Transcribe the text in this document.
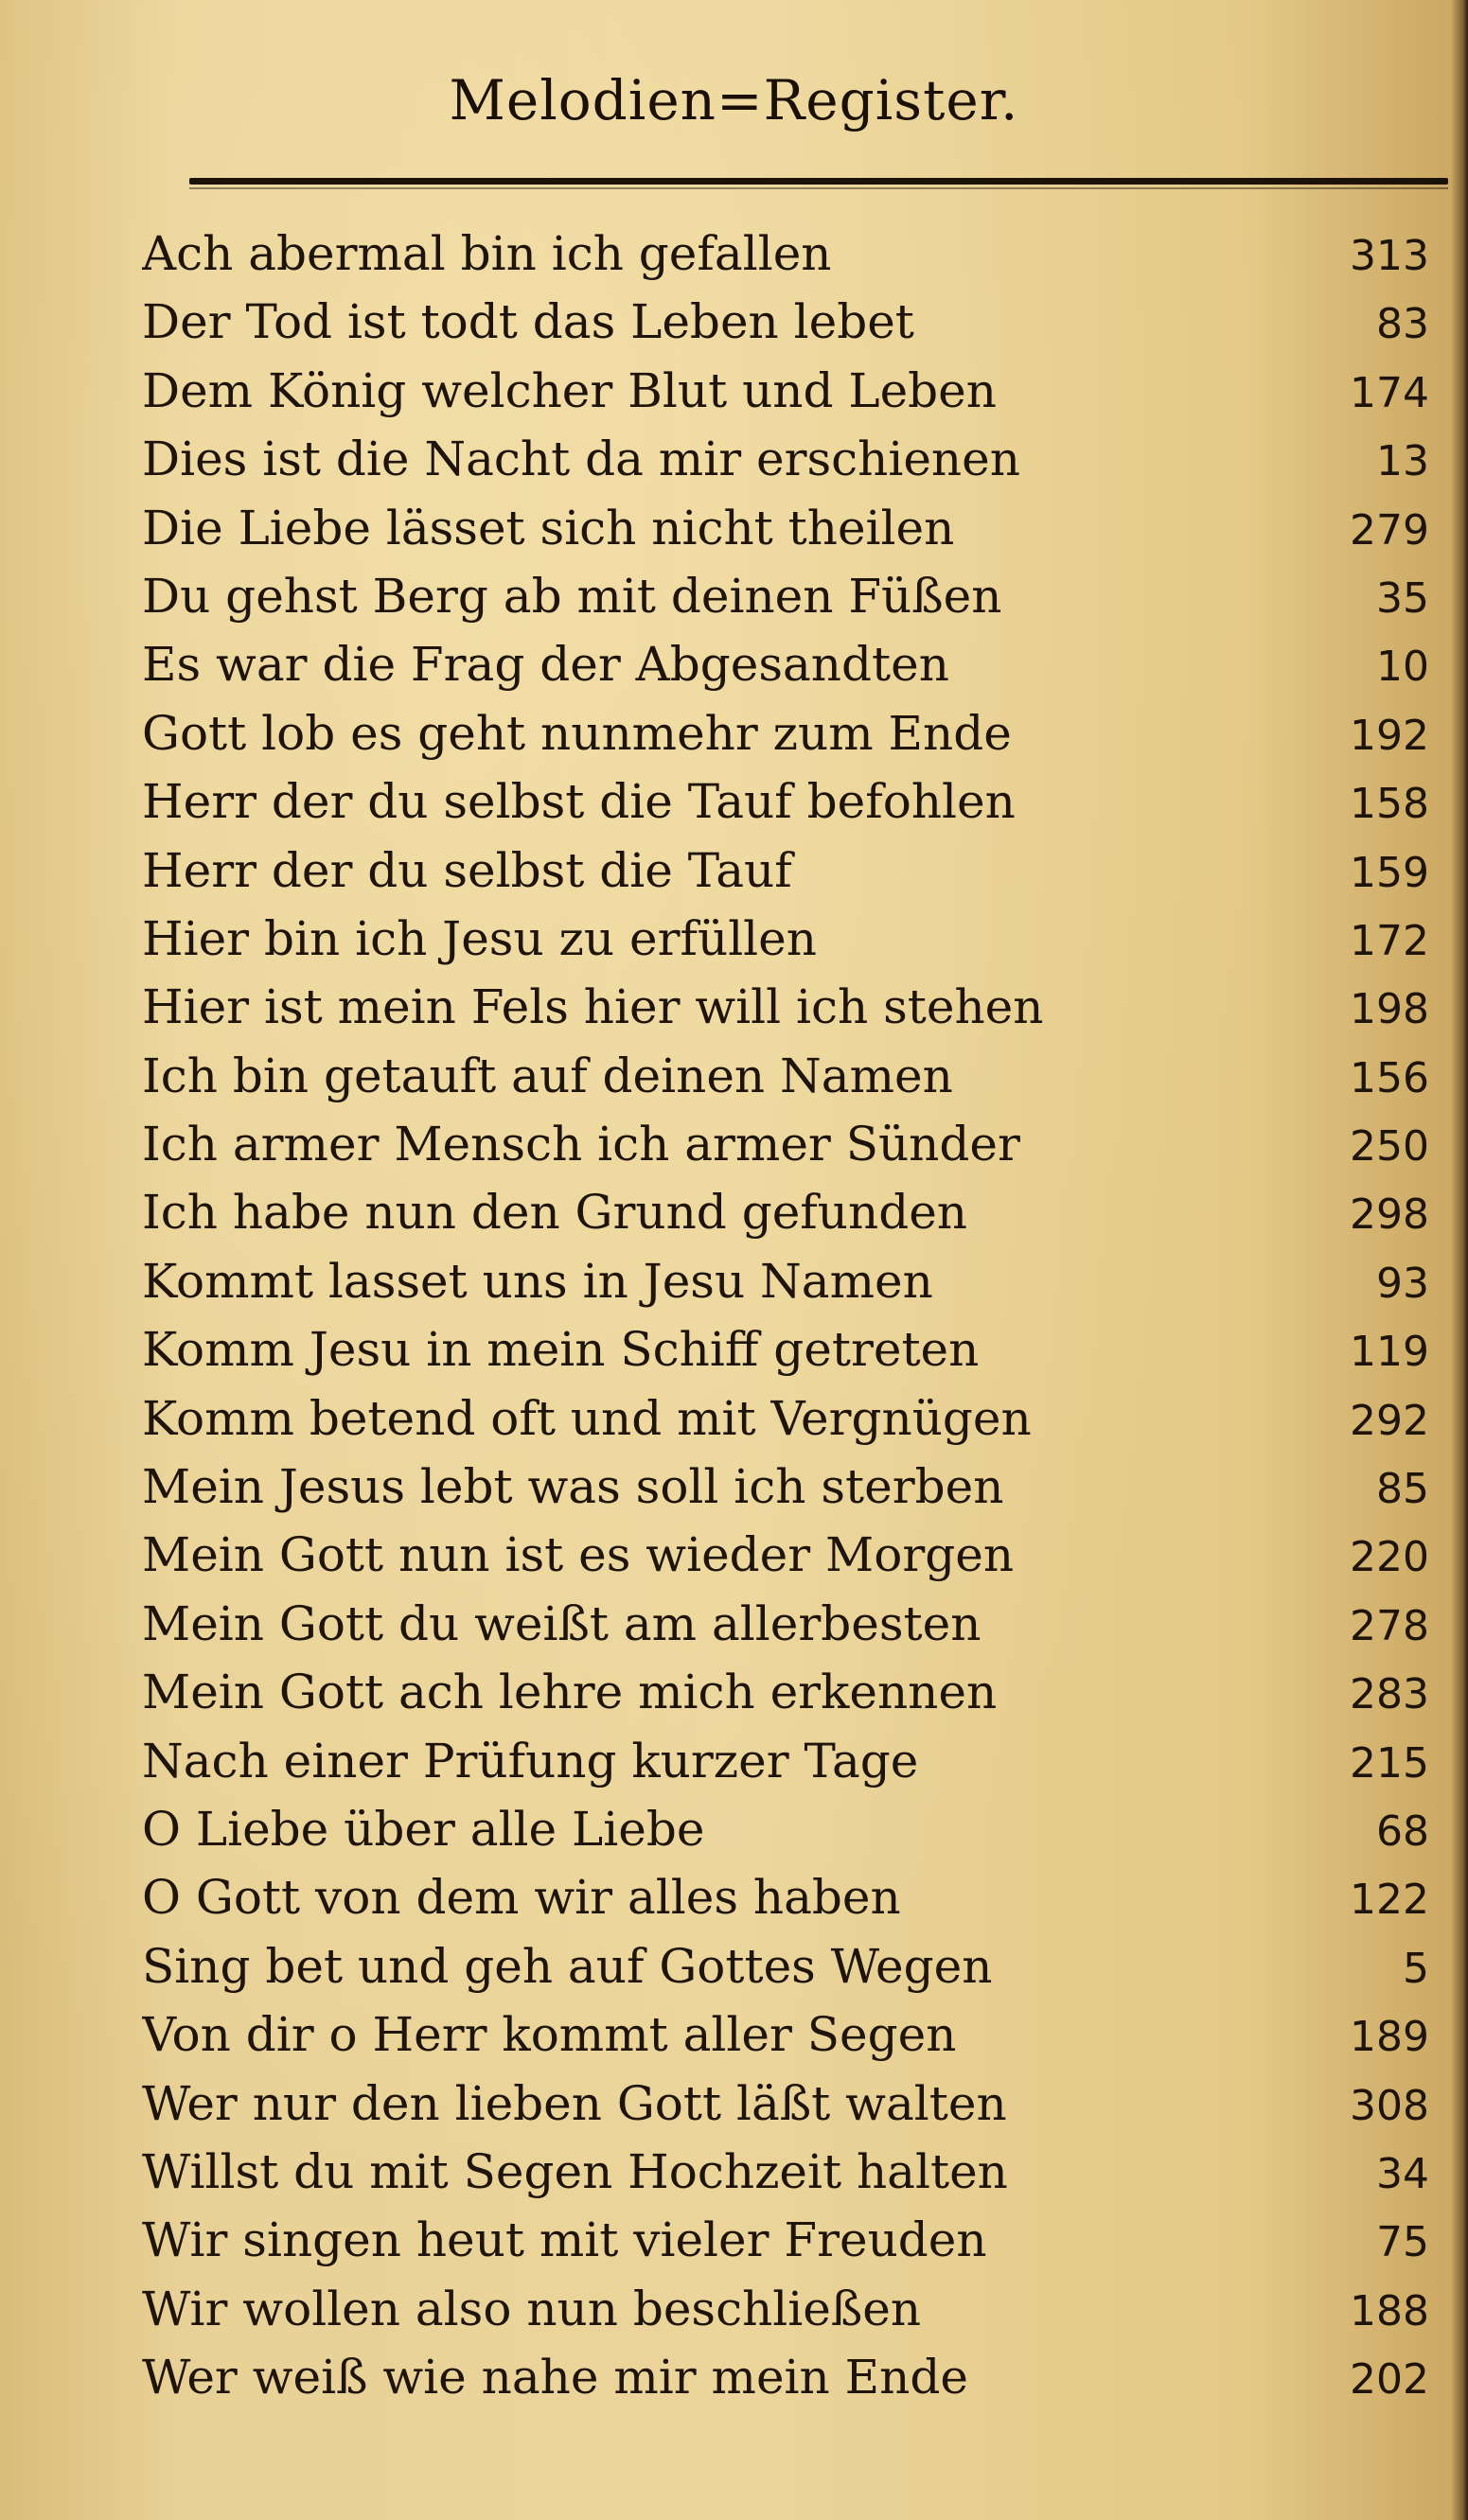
Melodien=Register.
Ach abermal bin ich gefallen	313
Der Tod ist todt das Leben lebet	83
Dem König welcher Blut und Leben	174
Dies ist die Nacht da mir erschienen	13
Die Liebe lässet sich nicht theilen	279
Du gehst Berg ab mit deinen Füßen	35
Es war die Frag der Abgesandten	10
Gott lob es geht nunmehr zum Ende	192
Herr der du selbst die Tauf befohlen	158
Herr der du selbst die Tauf	159
Hier bin ich Jesu zu erfüllen	172
Hier ist mein Fels hier will ich stehen	198
Ich bin getauft auf deinen Namen	156
Ich armer Mensch ich armer Sünder	250
Ich habe nun den Grund gefunden	298
Kommt lasset uns in Jesu Namen	93
Komm Jesu in mein Schiff getreten	119
Komm betend oft und mit Vergnügen	292
Mein Jesus lebt was soll ich sterben	85
Mein Gott nun ist es wieder Morgen	220
Mein Gott du weißt am allerbesten	278
Mein Gott ach lehre mich erkennen	283
Nach einer Prüfung kurzer Tage	215
O Liebe über alle Liebe	68
O Gott von dem wir alles haben	122
Sing bet und geh auf Gottes Wegen	5
Von dir o Herr kommt aller Segen	189
Wer nur den lieben Gott läßt walten	308
Willst du mit Segen Hochzeit halten	34
Wir singen heut mit vieler Freuden	75
Wir wollen also nun beschließen	188
Wer weiß wie nahe mir mein Ende	202
